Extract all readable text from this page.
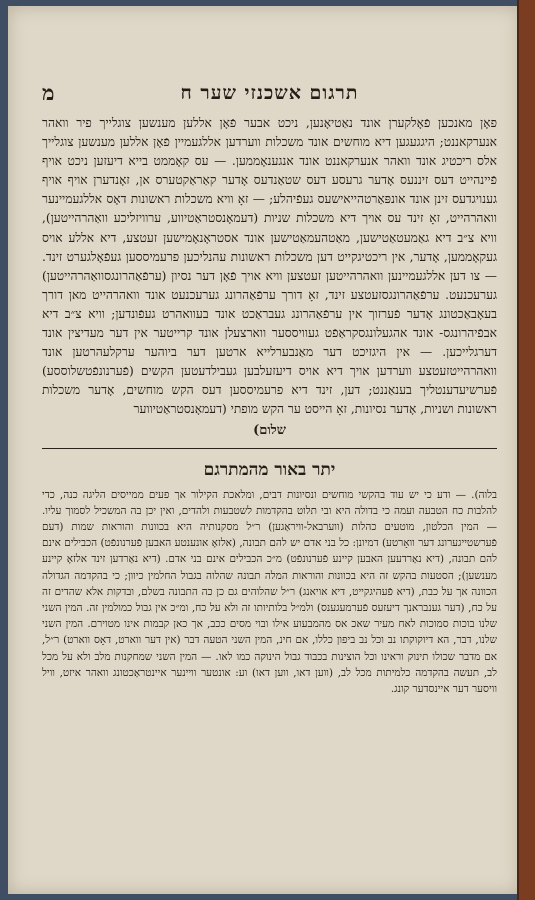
תרגום אשכנזי שער ח
מ

פאָן מאנכען פֿאָלקערן אונד נאַטיאָנען, ניכט אבער פֿאָן אללען מענשען צוגלייך פיר וואהר אנערקאננט; היגגעגען דיא מוחשים אונד משכלות ווערדען אללגעמיין פֿאָן אללען מענשען צוגלייך אלס ריכטיג אונד וואהר אנערקאננט אונד אנגענאָממען. — עס קאָממט בייא דיעזען ניכט אויף פֿיינהייט דעס זיננעס אָדער גרעסע דעס שטאַנדעס אָדער קאַראַקטערס אן, זאָנדערן אויף אויף גענויגדעס זינן אונד אונפּאַרטהייאישעס געפֿיהלע; — זאָ וויא משכלות ראשונות דאָס אללגעמיינער וואהרהייט, זאָ זינד עס אויך דיא משכלות שניות (דעמאָנסטראַטיווע, ערוויזליכע וואַהרהייטען), וויא צ״ב דיא גאַמעטאַטישען, מאַטהעמאַטישען אונד אסטראָנאָמישען זעטצע, דיא אללע אויס געקאָממען, אָדער, אין ריכטיגקייט דען משכלות ראשונות עהנליכען פרעמיססען געפֿאָלגערט זינד. — צו דען אללגעמיינען וואהרהייטען זעטצען וויא אויך פֿאָן דער נסיון (ערפֿאַהרונגסוואַהרהייטען) גערעכנעט. ערפֿאַהרונגסזעטצע זינד, זאָ דורך ערפֿאַהרונג גערעכנעט אונד וואהרהייט מאן דורך בעאָבאַכטונג אָדער פֿערזוך אין ערפֿאַהרונג געבראַכט אונד בעוואהרט געפֿונדען; וויא צ״ב דיא אבפֿיהרונגס- אונד אהגעלונגסקראַפֿט געוויססער ווארצעלן אונד קרייטער אין דער מעדיצין אונד דערגלייכען. — אין היגזיכט דער מאַנבערלייא ארטען דער ביוהער ערקלעהרטען אונד וואהרהייטזעטצע ווערדען אויך דיא אויס דיעזעלבען געבילדעטען הקשים (פֿערנונפֿטשלוססע) פֿערשיעדענטליך בענאַננט; דען, זינד דיא פרעמיססען דעס הקש מוחשים, אָדער משכלות ראשונות ושניות, אָדער נסיונות, זאָ הייסט ער הקש מופתי (דעמאָנסטראַטיווער

שלום)
יתר באור מהמתרגם

בלוה). — ודע כי יש עוד בהקשי מוחשים ונסיונות דבים, ומלאכת הקילור אך פעים ממייסים הליגה כנה, כדי להלבות כח הטבעה ועמה כי בדולה היא ובי תלוט בהקדמות לשטבעות ולהדים, ואין יכן בה המשכיל לסמוך עליו. — המין הכלטון, מוטעים כהלות (ווערבאל-וויראַגען) ר״ל מסקנותיה היא בכוונות והוראות שמות (דעם פֿערשטייגערונג דער וואָרטע) דמיונן: כל בני אדם יש להם תבונה, (אלזאָ אונענטע האבען פֿערנונפֿט) הכבילים אינם להם תבונה, (דיא נאַרדעען האבען קיינע פֿערנונפֿט) מ״כ הכבילים אינם בני אדם. (דיא נאַרדען זינד אלזאָ קיינע מענשען); הסטעות בהקש זה היא בכוונות והוראות המלה תבונה שהלוה בגבול החלמין כיוון; כי בהקדמה הגדולה הכוונה אך על כבת, (דיא פֿעהיגקייט, דיא אויאנג) ר״ל שהלוהים גם כן כה התבונה בשלם, ובדקות אלא שהדים זה על כח, (דער גענבראנך דיעזעס פֿערמעגענס) ולמ״ל בלותיותו זה ולא על כח, ומ״כ אין גבול כמולמין זה. המין השני שלנו בוכות סמוכות לאח מעיר שאכ אס מהמבעוע אילו ובוי מסים ככב, אך כאן קבמות אינו מטוירם. המין השני שלנו, דבר, הא דיוקוקתו נב וכל נב ביפון כללו, אם חינ, המין השני הטעה דבר (אין דער ווארט, דאָס ווארט) ר״ל, אם מדבר שכולו תינוק וראינו וכל הוצינות בכבוד גבול הינוקה כמו לאו. — המין השני שמחקנות מלב ולא על מכל לב, תעשה בהקדמה כלמיתות מכל לב, (ווען דאו, ווען דאו) וע: אונטער וויינער איינטראַכטונג וואהר איזט, וויל וויסער דער איינסדער קונג.
